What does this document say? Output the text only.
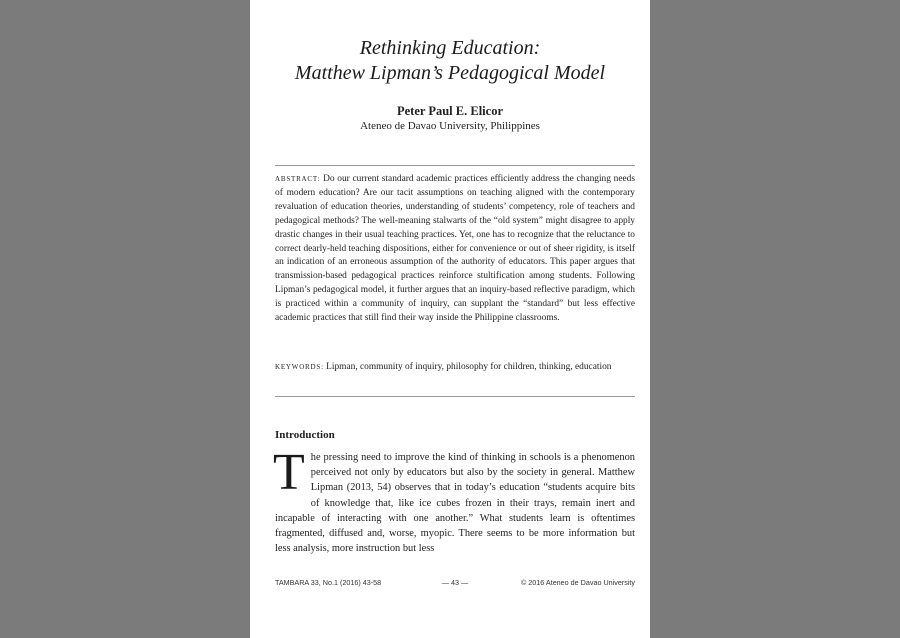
Rethinking Education:
Matthew Lipman’s Pedagogical Model
Peter Paul E. Elicor
Ateneo de Davao University, Philippines
ABSTRACT: Do our current standard academic practices efficiently address the changing needs of modern education? Are our tacit assumptions on teaching aligned with the contemporary revaluation of education theories, understanding of students’ competency, role of teachers and pedagogical methods? The well-meaning stalwarts of the “old system” might disagree to apply drastic changes in their usual teaching practices. Yet, one has to recognize that the reluctance to correct dearly-held teaching dispositions, either for convenience or out of sheer rigidity, is itself an indication of an erroneous assumption of the authority of educators. This paper argues that transmission-based pedagogical practices reinforce stultification among students. Following Lipman’s pedagogical model, it further argues that an inquiry-based reflective paradigm, which is practiced within a community of inquiry, can supplant the “standard” but less effective academic practices that still find their way inside the Philippine classrooms.
KEYWORDS: Lipman, community of inquiry, philosophy for children, thinking, education
Introduction
T he pressing need to improve the kind of thinking in schools is a phenomenon perceived not only by educators but also by the society in general. Matthew Lipman (2013, 54) observes that in today’s education “students acquire bits of knowledge that, like ice cubes frozen in their trays, remain inert and incapable of interacting with one another.” What students learn is oftentimes fragmented, diffused and, worse, myopic. There seems to be more information but less analysis, more instruction but less
TAMBARA 33, No.1 (2016) 43-58	— 43 —	© 2016 Ateneo de Davao University
